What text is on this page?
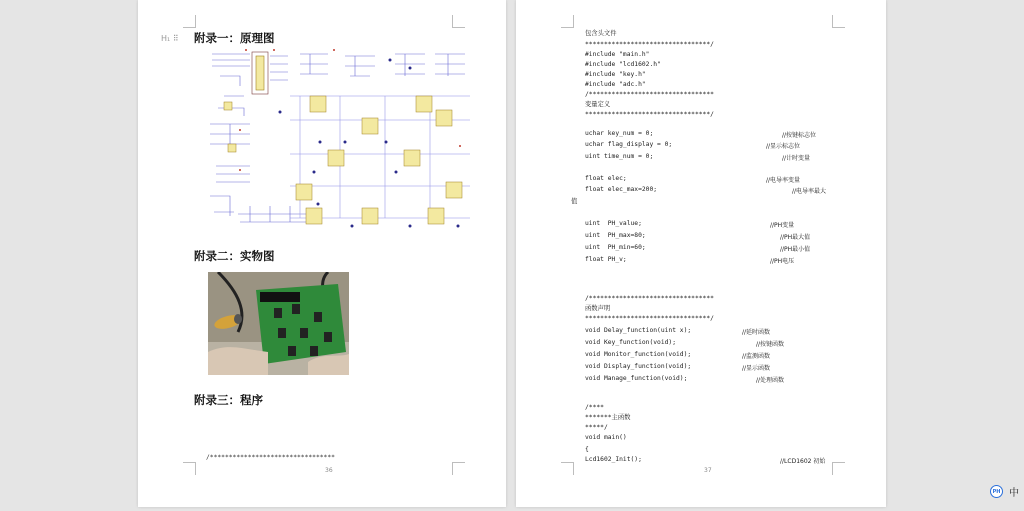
H₁ ⠿ 附录一：原理图
附录二：实物图
附录三：程序
/*********************************
36
包含头文件
*********************************/
#include "main.h"
#include "lcd1602.h"
#include "key.h"
#include "adc.h"
/*********************************
变量定义
*********************************/
uchar key_num = 0;	//按键标志位
uchar flag_display = 0;	//显示标志位
uint time_num = 0;	//计时变量
float elec;	//电导率变量
float elec_max=200;	//电导率最大
值
uint  PH_value;	//PH变量
uint  PH_max=80;	//PH最大值
uint  PH_min=60;	//PH最小值
float PH_v;	//PH电压
/*********************************
函数声明
*********************************/
void Delay_function(uint x);	//延时函数
void Key_function(void);	//按键函数
void Monitor_function(void);	//监测函数
void Display_function(void);	//显示函数
void Manage_function(void);	//处理函数
/****
*******主函数
*****/
void main()
{
Lcd1602_Init();	//LCD1602 初始
37
PH 中
